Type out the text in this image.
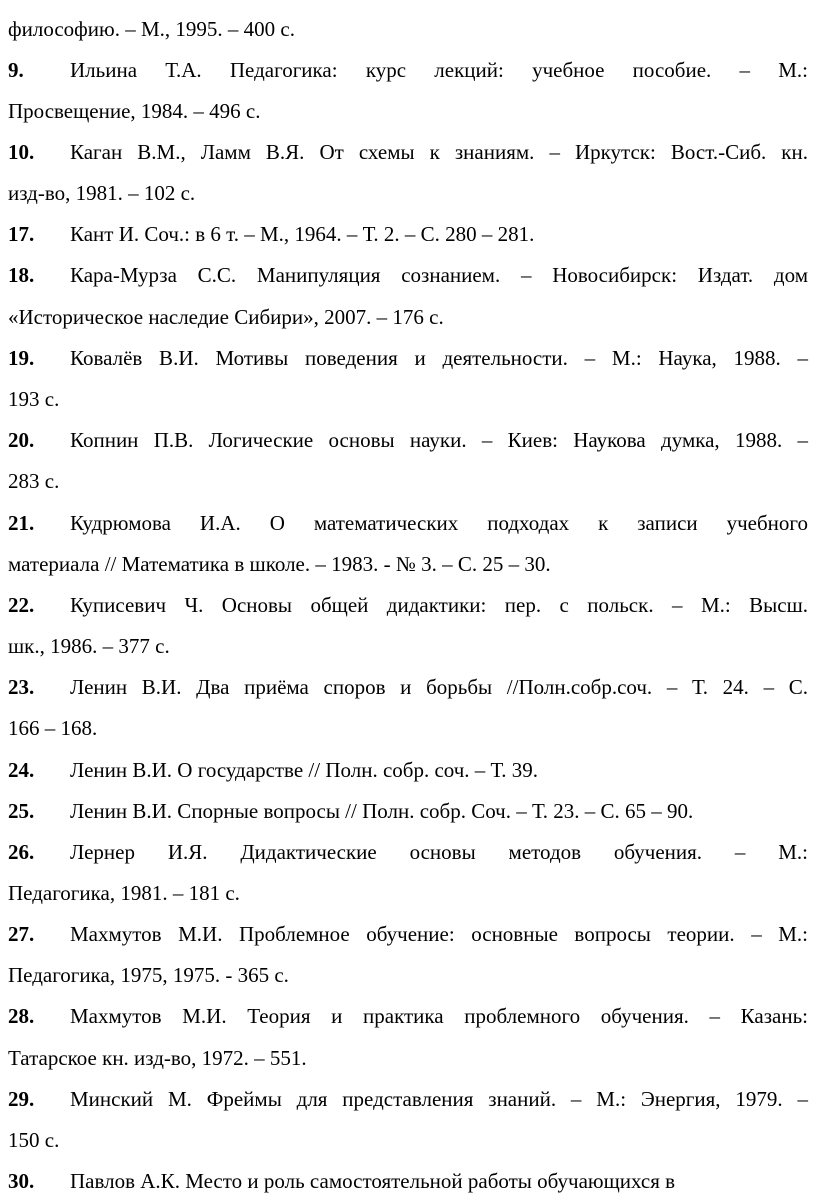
философию. – М., 1995. – 400 с.
9.	Ильина Т.А. Педагогика: курс лекций: учебное пособие. – М.:
Просвещение, 1984. – 496 с.
10.	Каган В.М., Ламм В.Я. От схемы к знаниям. – Иркутск: Вост.-Сиб. кн.
изд-во, 1981. – 102 с.
17.	Кант И. Соч.: в 6 т. – М., 1964. – Т. 2. – С. 280 – 281.
18.	Кара-Мурза С.С. Манипуляция сознанием. – Новосибирск: Издат. дом
«Историческое наследие Сибири», 2007. – 176 с.
19.	Ковалёв В.И. Мотивы поведения и деятельности. – М.: Наука, 1988. –
193 с.
20.	Копнин П.В. Логические основы науки. – Киев: Наукова думка, 1988. –
283 с.
21.	Кудрюмова И.А. О математических подходах к записи учебного
материала // Математика в школе. – 1983. - № 3. – С. 25 – 30.
22.	Куписевич Ч. Основы общей дидактики: пер. с польск. – М.: Высш.
шк., 1986. – 377 с.
23.	Ленин В.И. Два приёма споров и борьбы //Полн.собр.соч. – Т. 24. – С.
166 – 168.
24.	Ленин В.И. О государстве // Полн. собр. соч. – Т. 39.
25.	Ленин В.И. Спорные вопросы // Полн. собр. Соч. – Т. 23. – С. 65 – 90.
26.	Лернер И.Я. Дидактические основы методов обучения. – М.:
Педагогика, 1981. – 181 с.
27.	Махмутов М.И. Проблемное обучение: основные вопросы теории. – М.:
Педагогика, 1975, 1975. - 365 с.
28.	Махмутов М.И. Теория и практика проблемного обучения. – Казань:
Татарское кн. изд-во, 1972. – 551.
29.	Минский М. Фреймы для представления знаний. – М.: Энергия, 1979. –
150 с.
30.	Павлов А.К. Место и роль самостоятельной работы обучающихся в
